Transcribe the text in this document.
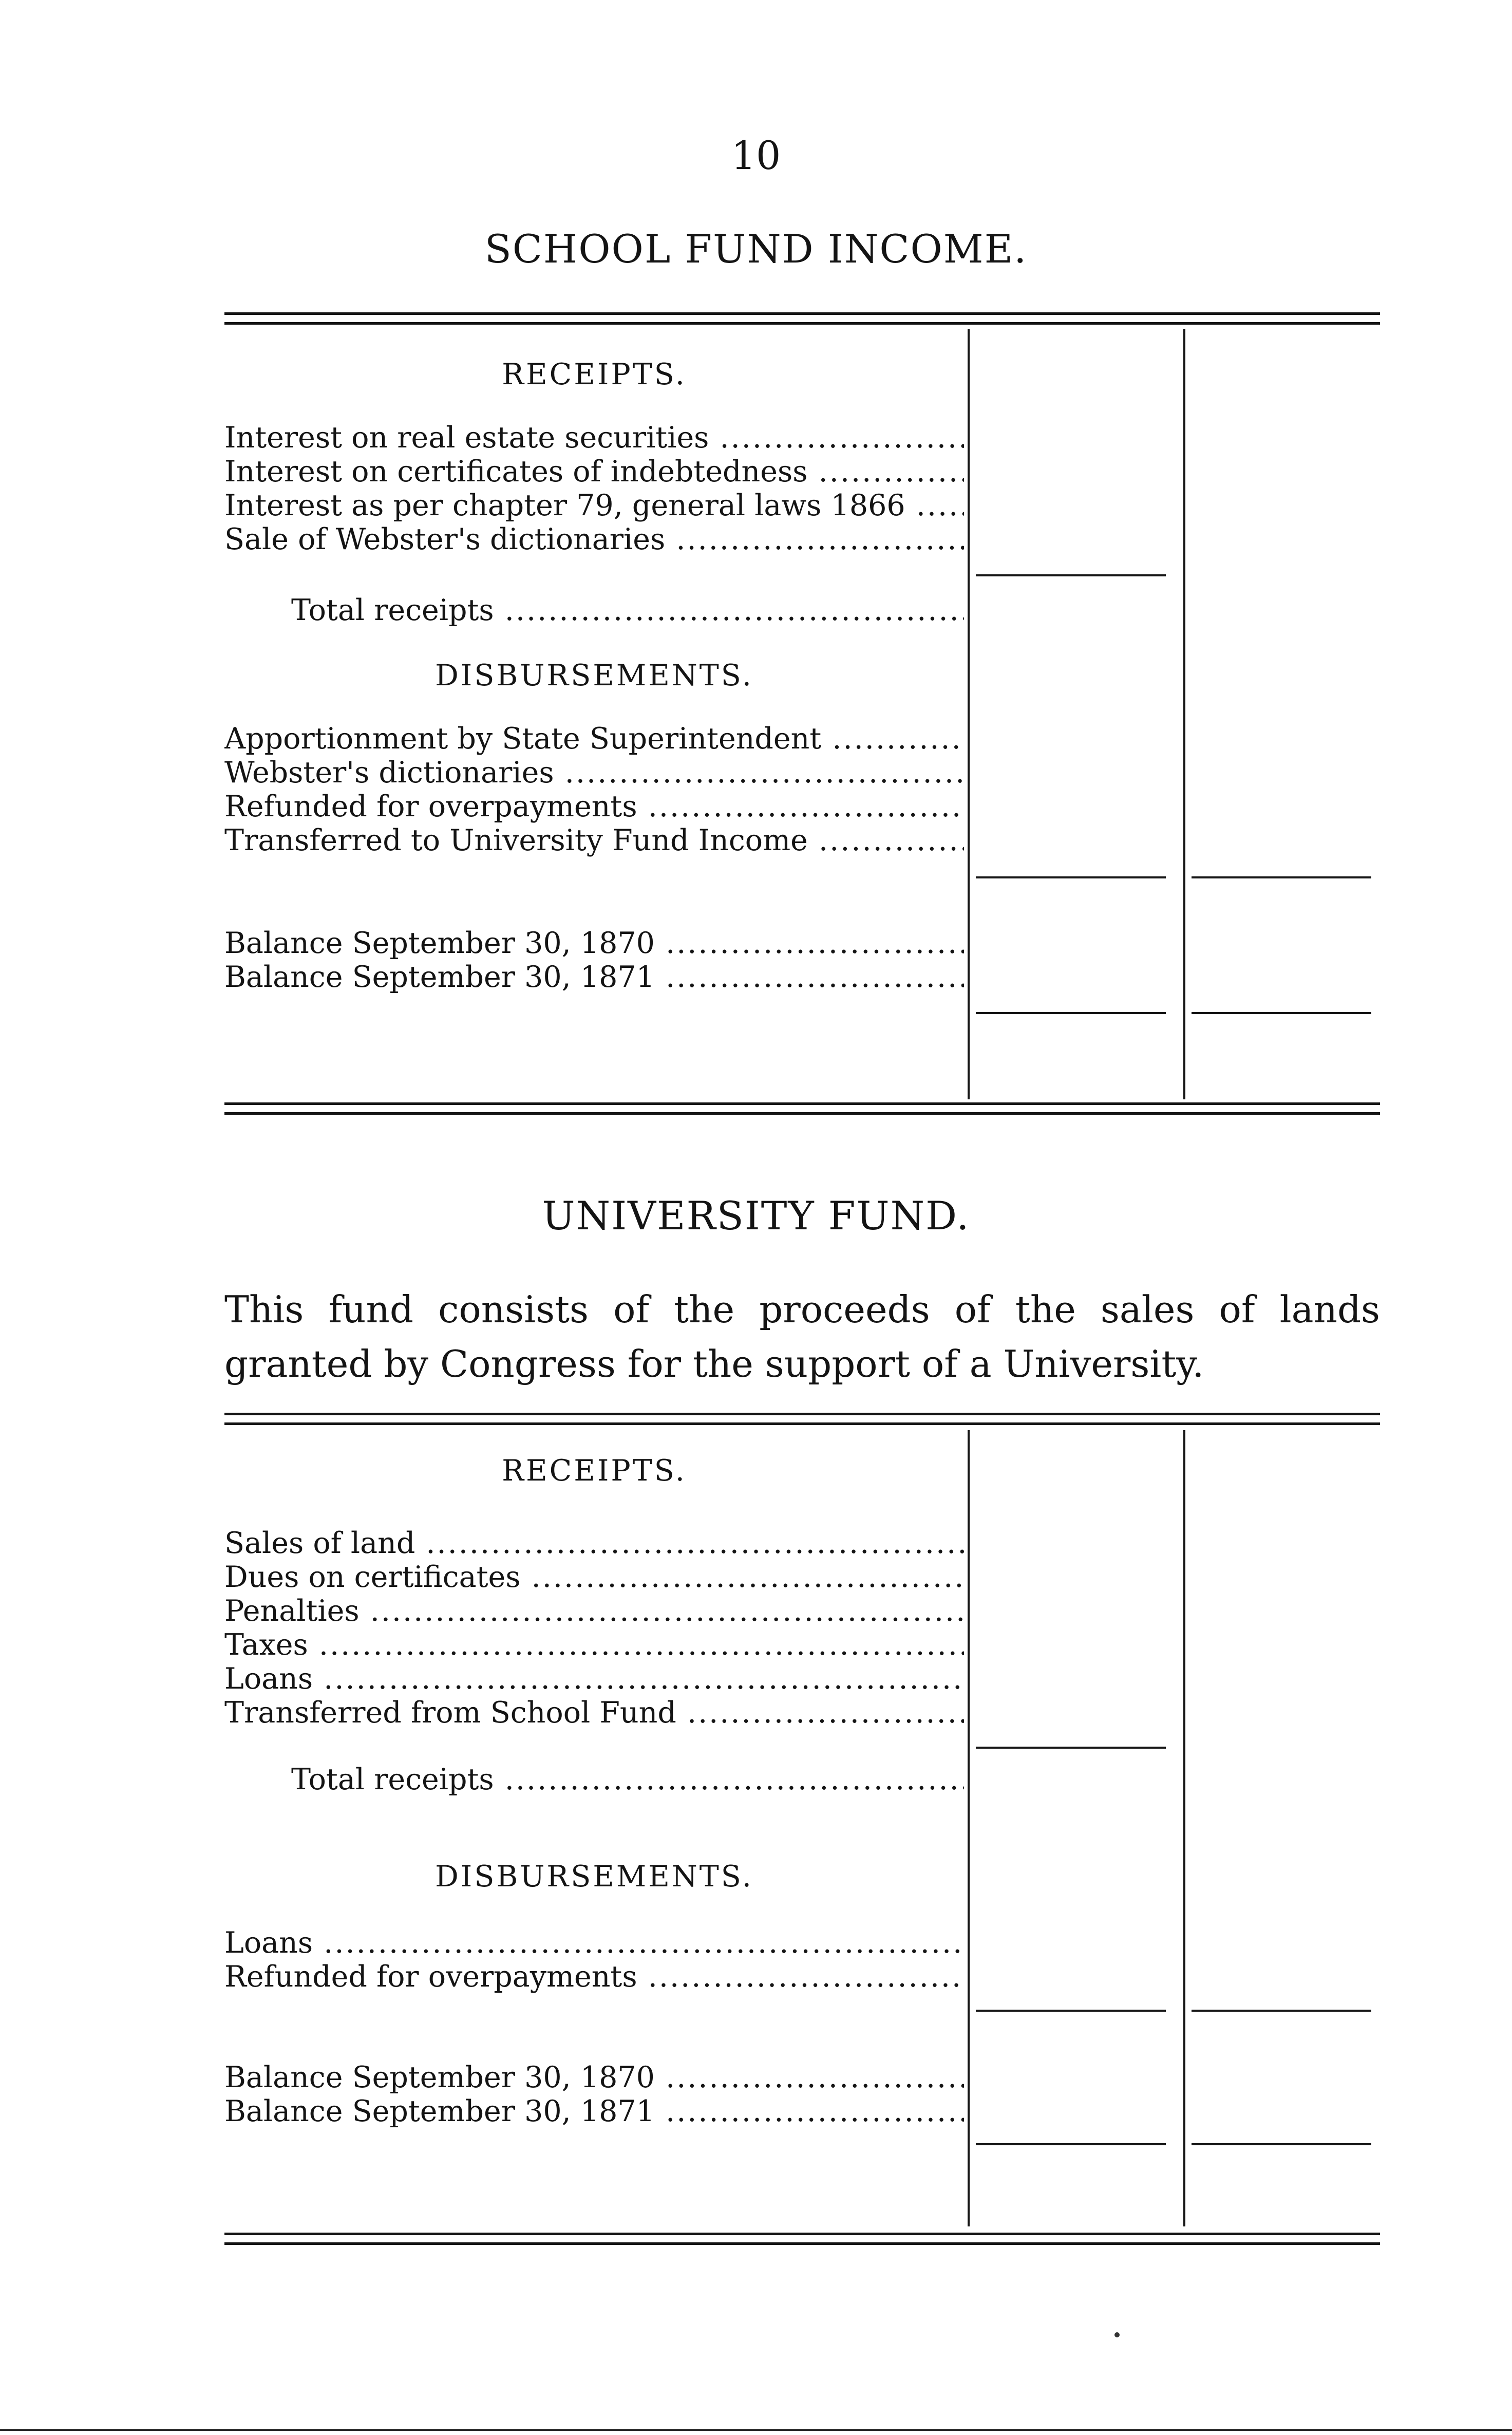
10
SCHOOL FUND INCOME.
RECEIPTS.
Interest on real estate securities .....
Interest on certificates of indebtedness .....
Interest as per chapter 79, general laws 1866 .....
Sale of Webster's dictionaries .....
Total receipts .....
DISBURSEMENTS.
Apportionment by State Superintendent .....
Webster's dictionaries .....
Refunded for overpayments .....
Transferred to University Fund Income .....
Balance September 30, 1870 .....
Balance September 30, 1871 .....
UNIVERSITY FUND.
This fund consists of the proceeds of the sales of lands granted by Congress for the support of a University.
RECEIPTS.
Sales of land .....
Dues on certificates .....
Penalties .....
Taxes .....
Loans .....
Transferred from School Fund .....
Total receipts .....
DISBURSEMENTS.
Loans .....
Refunded for overpayments .....
Balance September 30, 1870 .....
Balance September 30, 1871 .....
